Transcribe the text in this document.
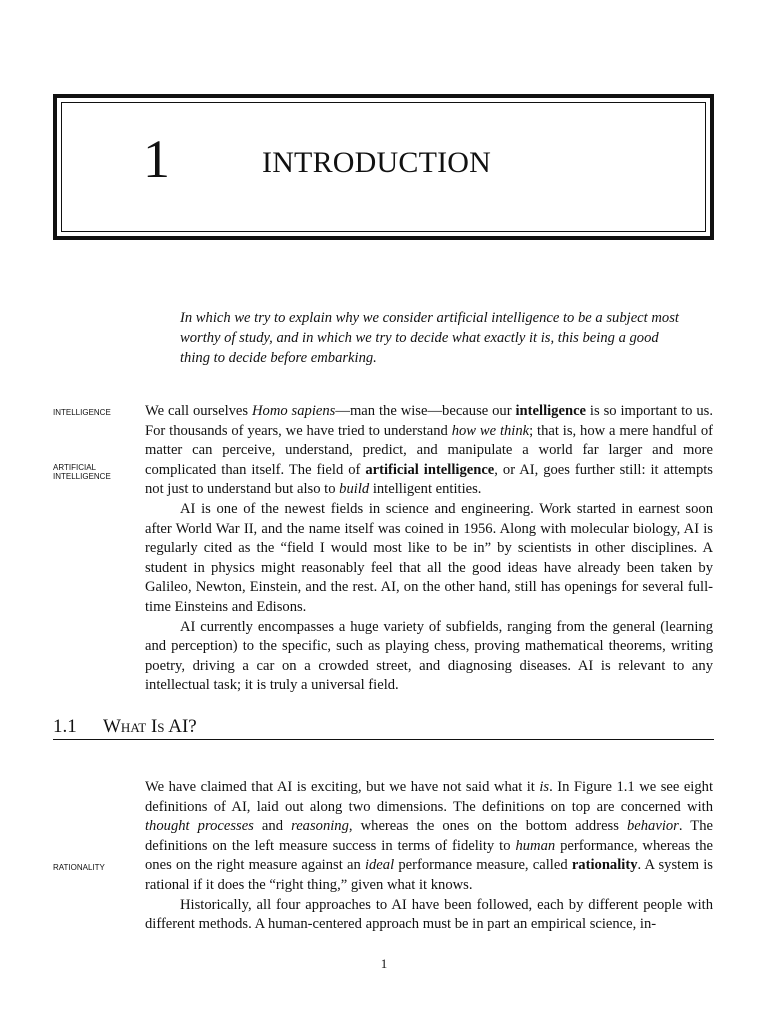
1	INTRODUCTION
In which we try to explain why we consider artificial intelligence to be a subject most worthy of study, and in which we try to decide what exactly it is, this being a good thing to decide before embarking.
INTELLIGENCE
ARTIFICIAL
INTELLIGENCE
RATIONALITY

We call ourselves Homo sapiens—man the wise—because our intelligence is so important to us. For thousands of years, we have tried to understand how we think; that is, how a mere handful of matter can perceive, understand, predict, and manipulate a world far larger and more complicated than itself. The field of artificial intelligence, or AI, goes further still: it attempts not just to understand but also to build intelligent entities.

AI is one of the newest fields in science and engineering. Work started in earnest soon after World War II, and the name itself was coined in 1956. Along with molecular biology, AI is regularly cited as the “field I would most like to be in” by scientists in other disciplines. A student in physics might reasonably feel that all the good ideas have already been taken by Galileo, Newton, Einstein, and the rest. AI, on the other hand, still has openings for several full-time Einsteins and Edisons.

AI currently encompasses a huge variety of subfields, ranging from the general (learning and perception) to the specific, such as playing chess, proving mathematical theorems, writing poetry, driving a car on a crowded street, and diagnosing diseases. AI is relevant to any intellectual task; it is truly a universal field.

1.1 What Is AI?

We have claimed that AI is exciting, but we have not said what it is. In Figure 1.1 we see eight definitions of AI, laid out along two dimensions. The definitions on top are concerned with thought processes and reasoning, whereas the ones on the bottom address behavior. The definitions on the left measure success in terms of fidelity to human performance, whereas the ones on the right measure against an ideal performance measure, called rationality. A system is rational if it does the “right thing,” given what it knows.

Historically, all four approaches to AI have been followed, each by different people with different methods. A human-centered approach must be in part an empirical science, in-

1
